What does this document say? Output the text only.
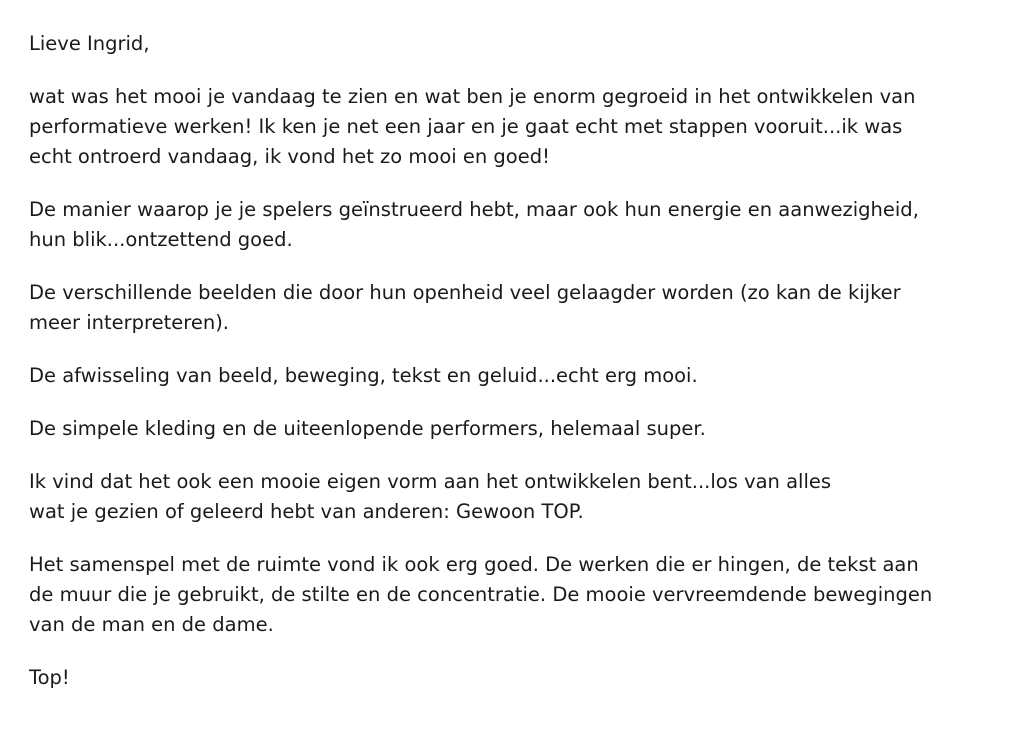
Lieve Ingrid,
wat was het mooi je vandaag te zien en wat ben je enorm gegroeid in het ontwikkelen van
performatieve werken! Ik ken je net een jaar en je gaat echt met stappen vooruit...ik was
echt ontroerd vandaag, ik vond het zo mooi en goed!
De manier waarop je je spelers geïnstrueerd hebt, maar ook hun energie en aanwezigheid,
hun blik...ontzettend goed.
De verschillende beelden die door hun openheid veel gelaagder worden (zo kan de kijker
meer interpreteren).
De afwisseling van beeld, beweging, tekst en geluid...echt erg mooi.
De simpele kleding en de uiteenlopende performers, helemaal super.
Ik vind dat het ook een mooie eigen vorm aan het ontwikkelen bent...los van alles
wat je gezien of geleerd hebt van anderen: Gewoon TOP.
Het samenspel met de ruimte vond ik ook erg goed. De werken die er hingen, de tekst aan
de muur die je gebruikt, de stilte en de concentratie. De mooie vervreemdende bewegingen
van de man en de dame.
Top!
